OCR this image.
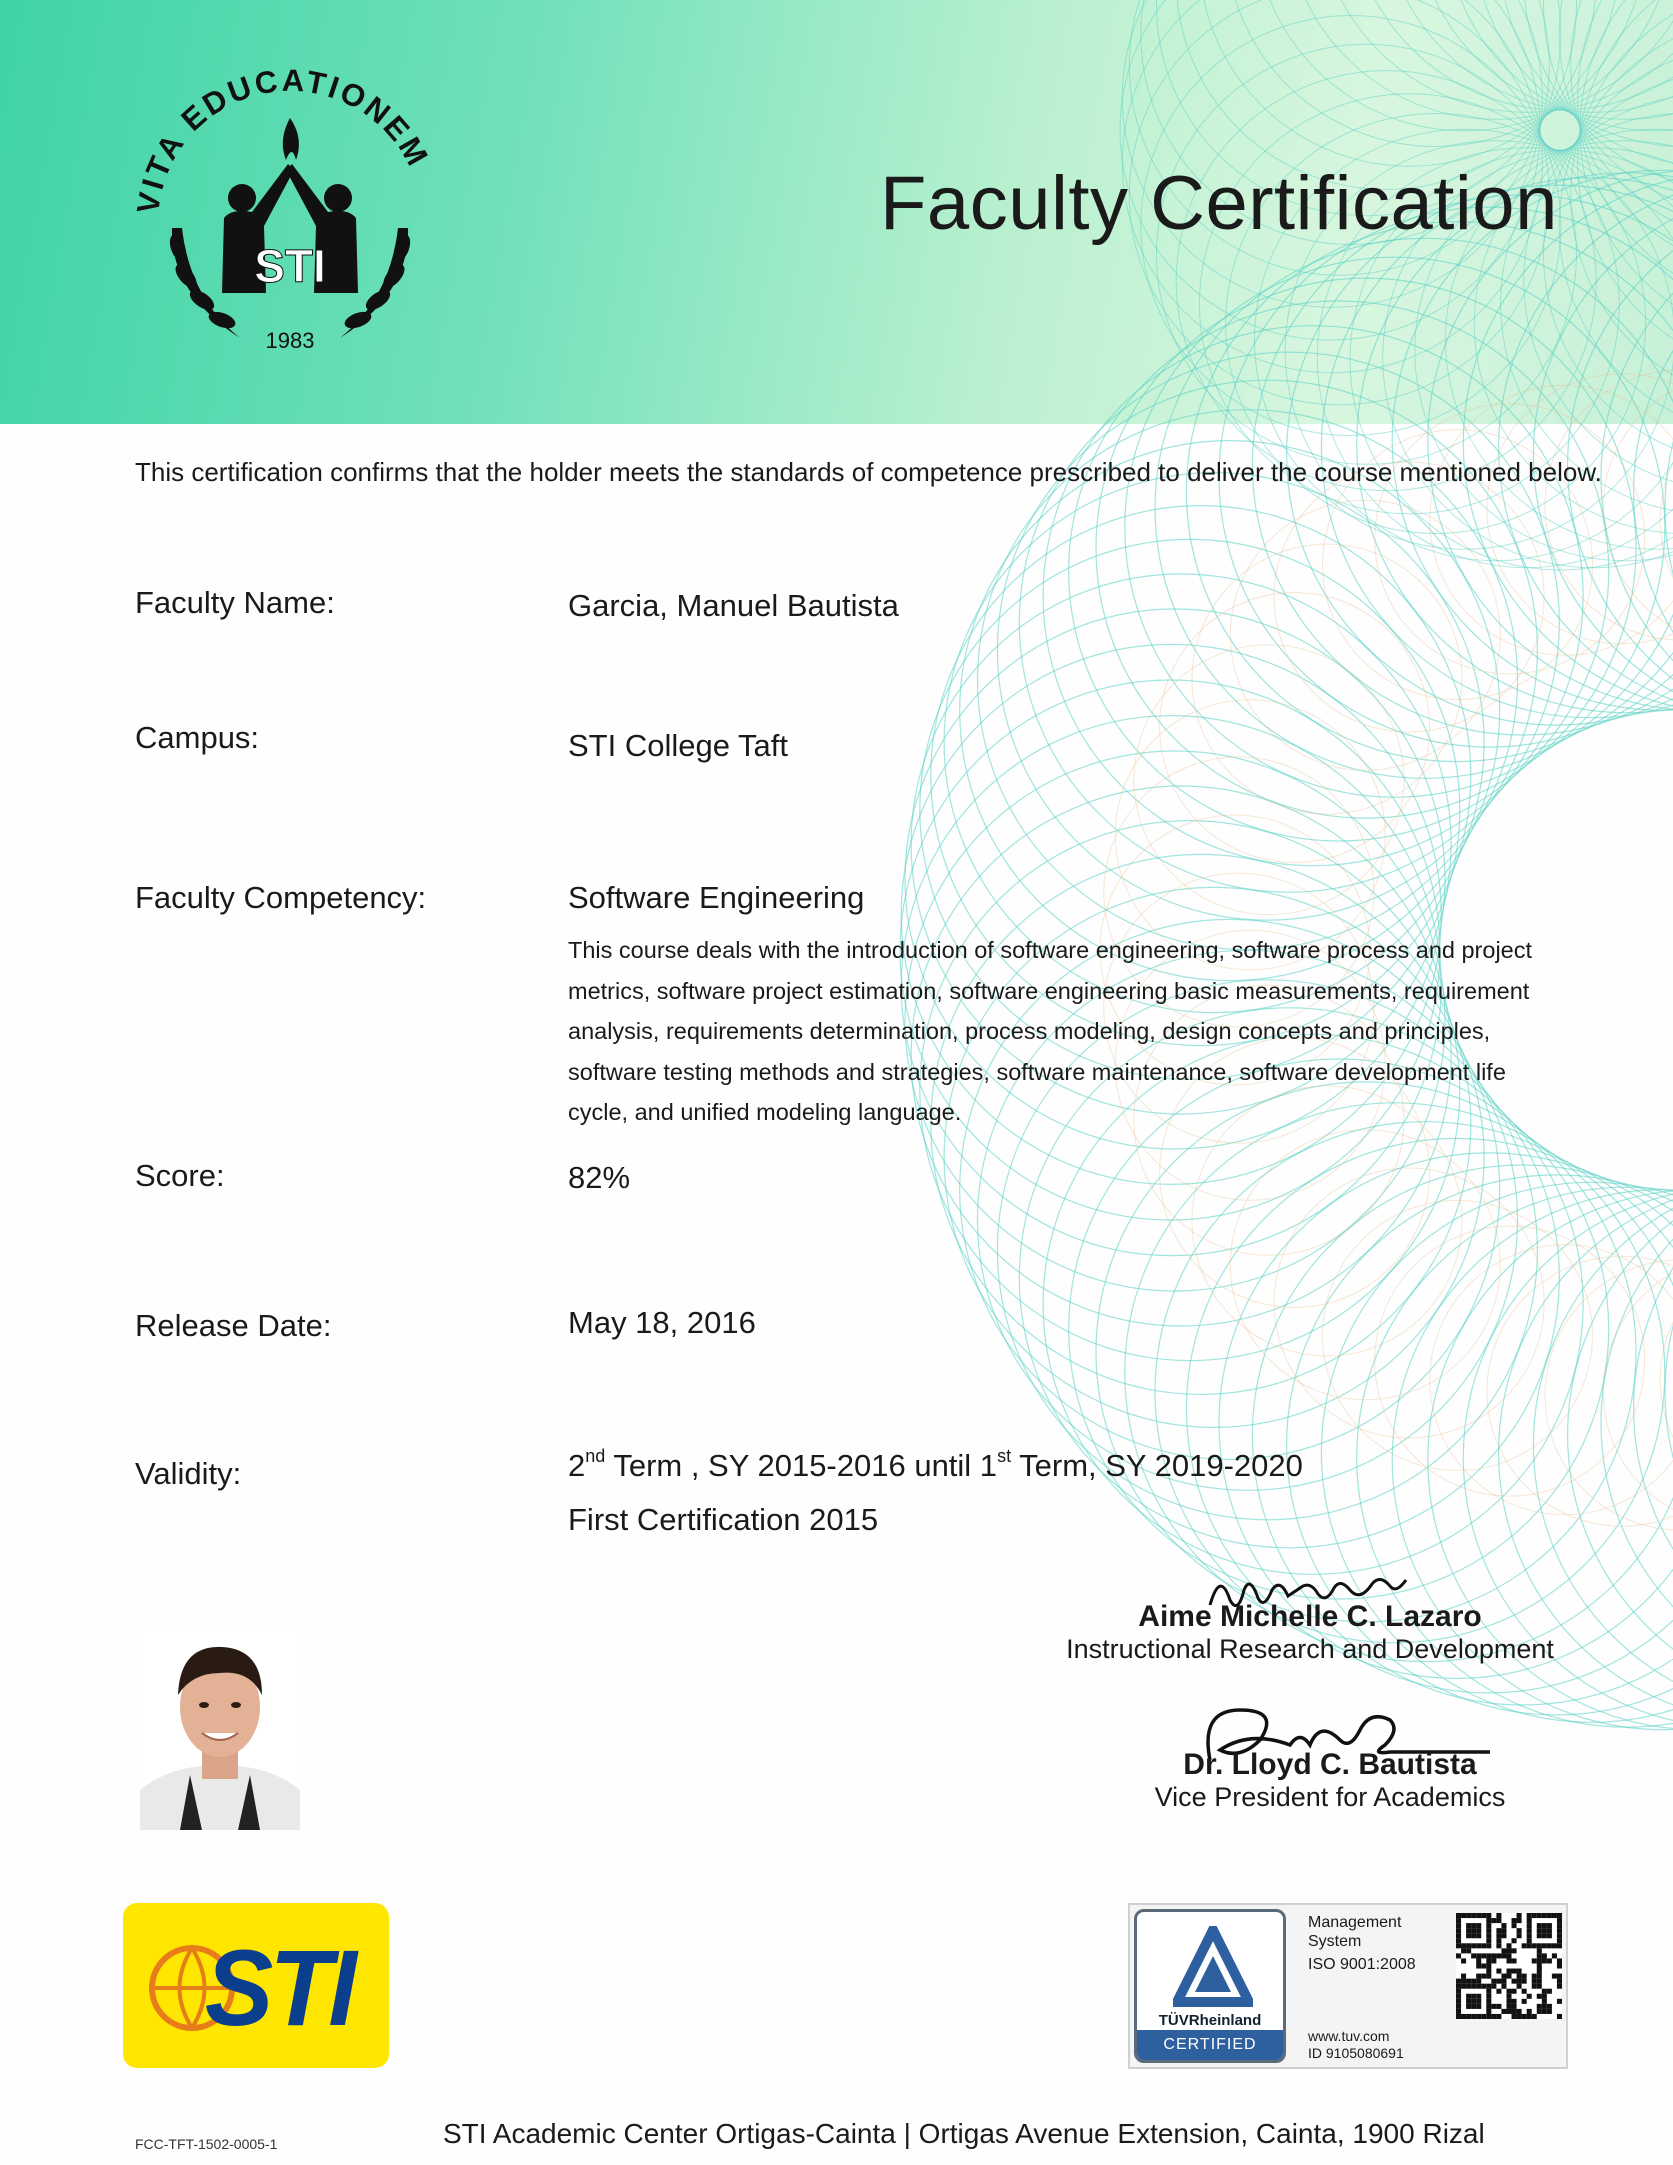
VITA EDUCATIONEM
STI
1983
Faculty Certification
This certification confirms that the holder meets the standards of competence prescribed to deliver the course mentioned below.
Faculty Name:	Garcia, Manuel Bautista
Campus:	STI College Taft
Faculty Competency:	Software Engineering
This course deals with the introduction of software engineering, software process and project metrics, software project estimation, software engineering basic measurements, requirement analysis, requirements determination, process modeling, design concepts and principles, software testing methods and strategies, software maintenance, software development life cycle, and unified modeling language.
Score:	82%
Release Date:	May 18, 2016
Validity:	2nd Term , SY 2015-2016 until 1st Term, SY 2019-2020
First Certification 2015
Aime Michelle C. Lazaro
Instructional Research and Development
Dr. Lloyd C. Bautista
Vice President for Academics
STI	TÜVRheinland
CERTIFIED
Management
System
ISO 9001:2008
www.tuv.com
ID 9105080691
FCC-TFT-1502-0005-1	STI Academic Center Ortigas-Cainta | Ortigas Avenue Extension, Cainta, 1900 Rizal
